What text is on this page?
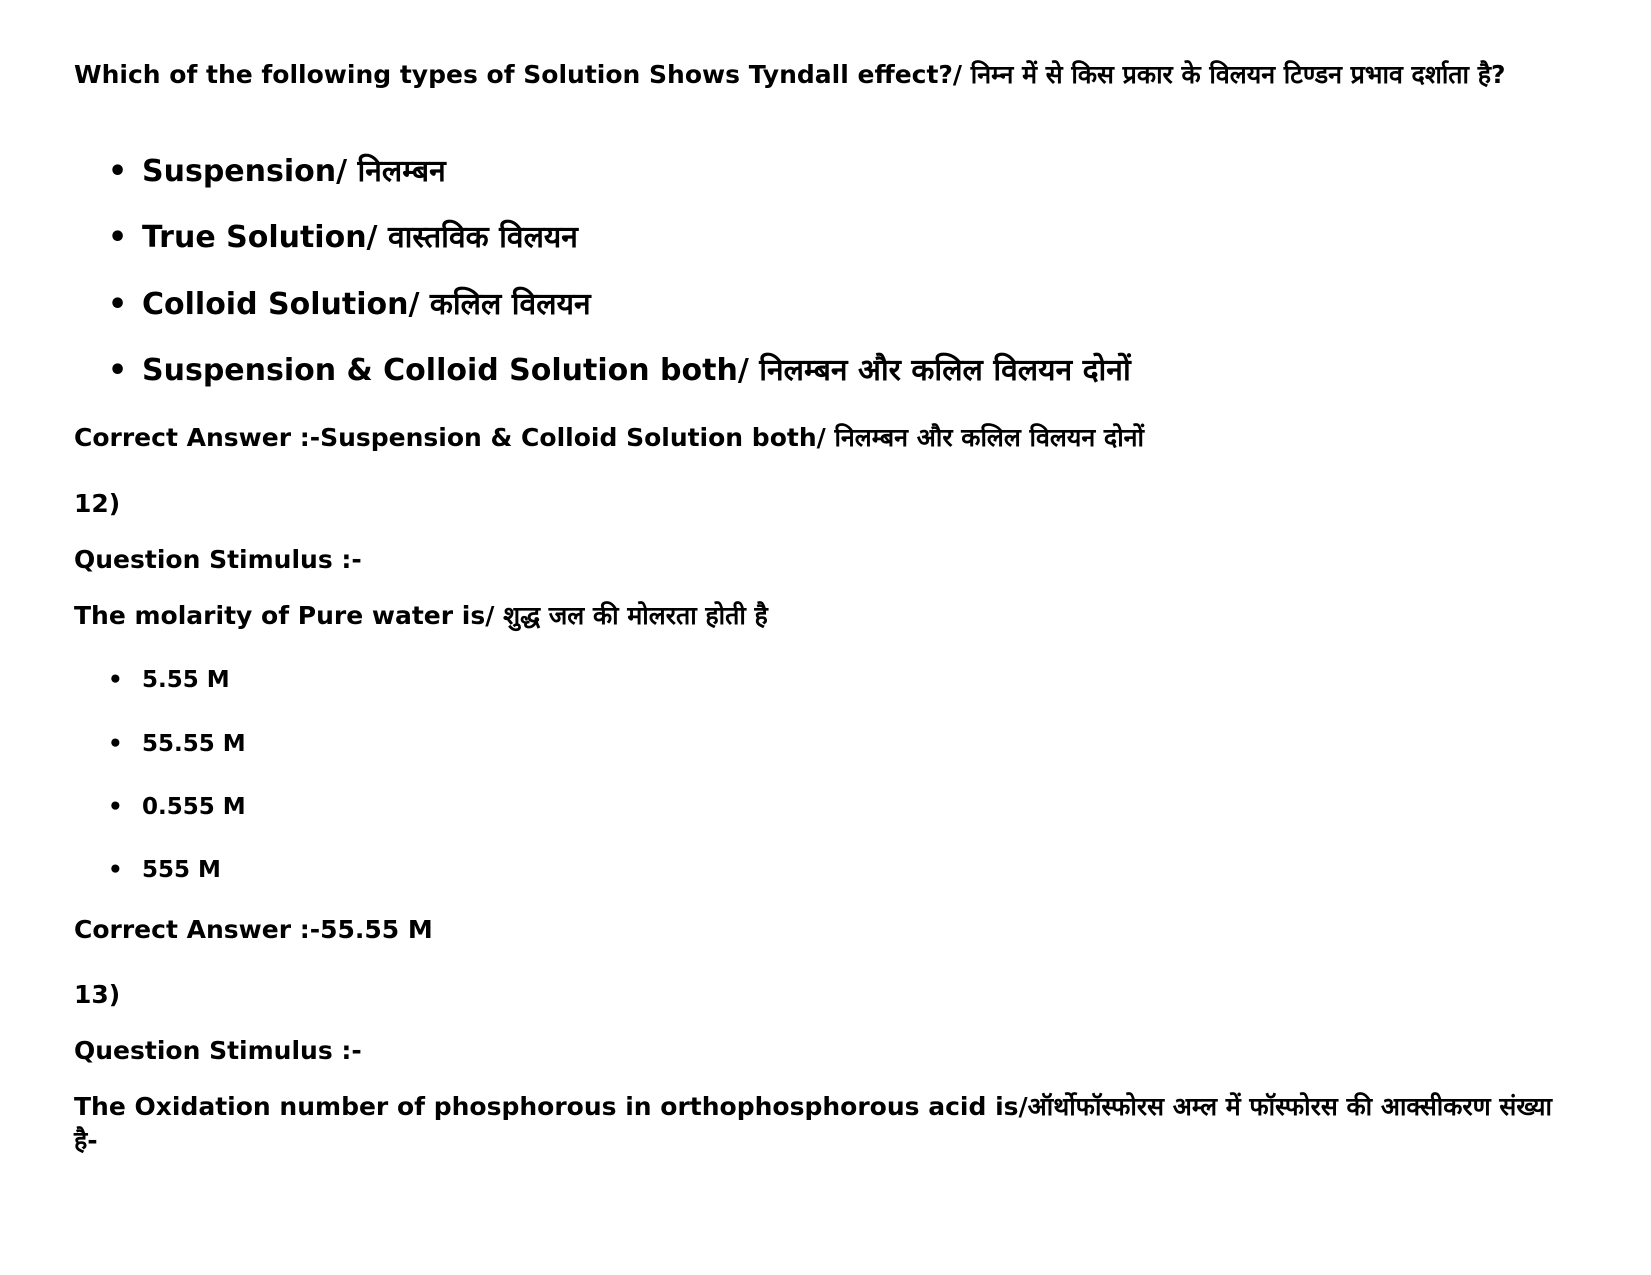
Which of the following types of Solution Shows Tyndall effect?/ निम्न में से किस प्रकार के विलयन टिण्डन प्रभाव दर्शाता है?
• Suspension/ निलम्बन
• True Solution/ वास्तविक विलयन
• Colloid Solution/ कलिल विलयन
• Suspension & Colloid Solution both/ निलम्बन और कलिल विलयन दोनों
Correct Answer :-Suspension & Colloid Solution both/ निलम्बन और कलिल विलयन दोनों
12)
Question Stimulus :-
The molarity of Pure water is/ शुद्ध जल की मोलरता होती है
• 5.55 M
• 55.55 M
• 0.555 M
• 555 M
Correct Answer :-55.55 M
13)
Question Stimulus :-
The Oxidation number of phosphorous in orthophosphorous acid is/ऑर्थोफॉस्फोरस अम्ल में फॉस्फोरस की आक्सीकरण संख्या है-
